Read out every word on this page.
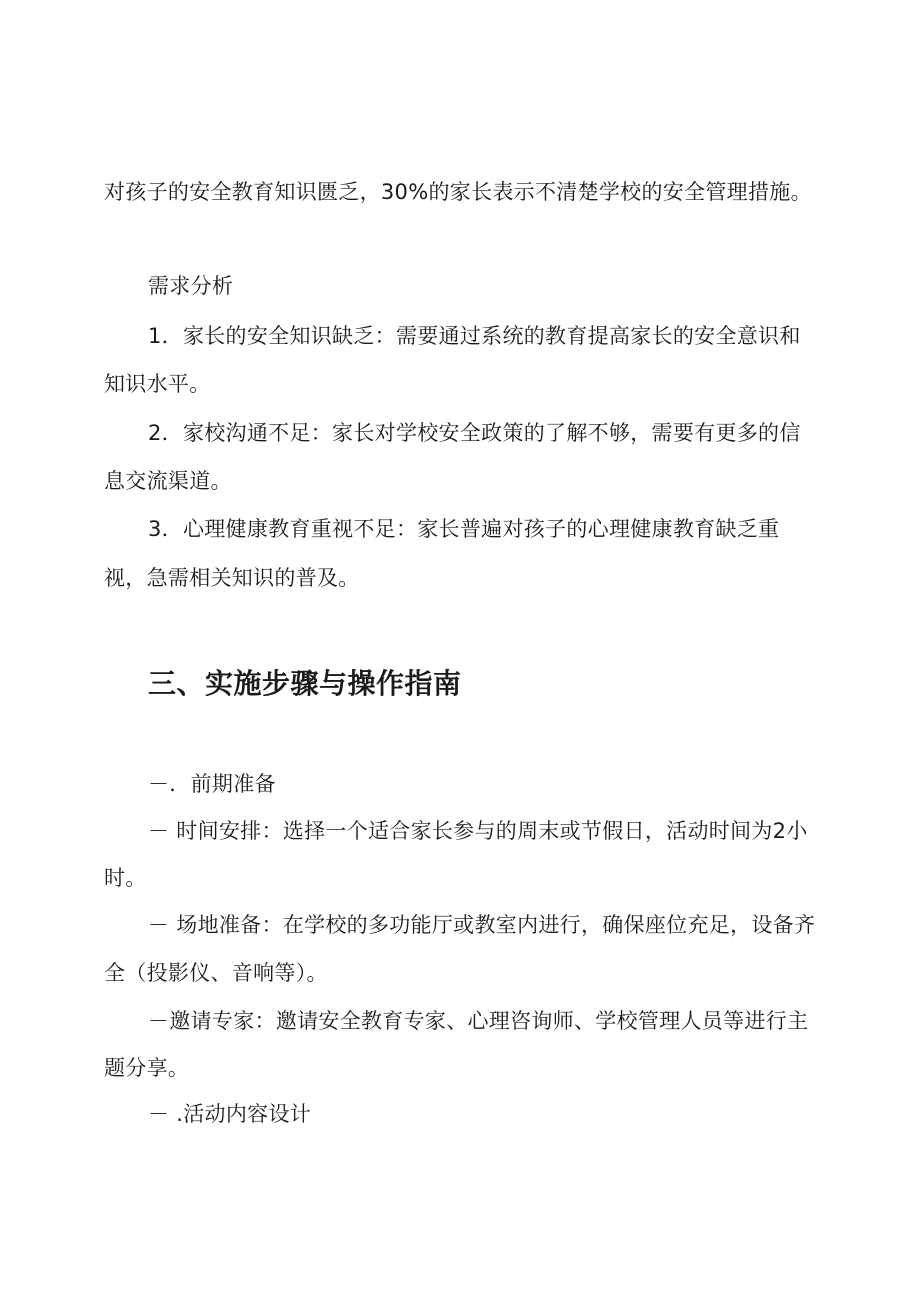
对孩子的安全教育知识匮乏，30%的家长表示不清楚学校的安全管理措施。
需求分析
1．家长的安全知识缺乏：需要通过系统的教育提高家长的安全意识和
知识水平。
2．家校沟通不足：家长对学校安全政策的了解不够，需要有更多的信
息交流渠道。
3．心理健康教育重视不足：家长普遍对孩子的心理健康教育缺乏重
视，急需相关知识的普及。
三、实施步骤与操作指南
－．前期准备
－ 时间安排：选择一个适合家长参与的周末或节假日，活动时间为2小
时。
－ 场地准备：在学校的多功能厅或教室内进行，确保座位充足，设备齐
全（投影仪、音响等）。
－邀请专家：邀请安全教育专家、心理咨询师、学校管理人员等进行主
题分享。
－ .活动内容设计
